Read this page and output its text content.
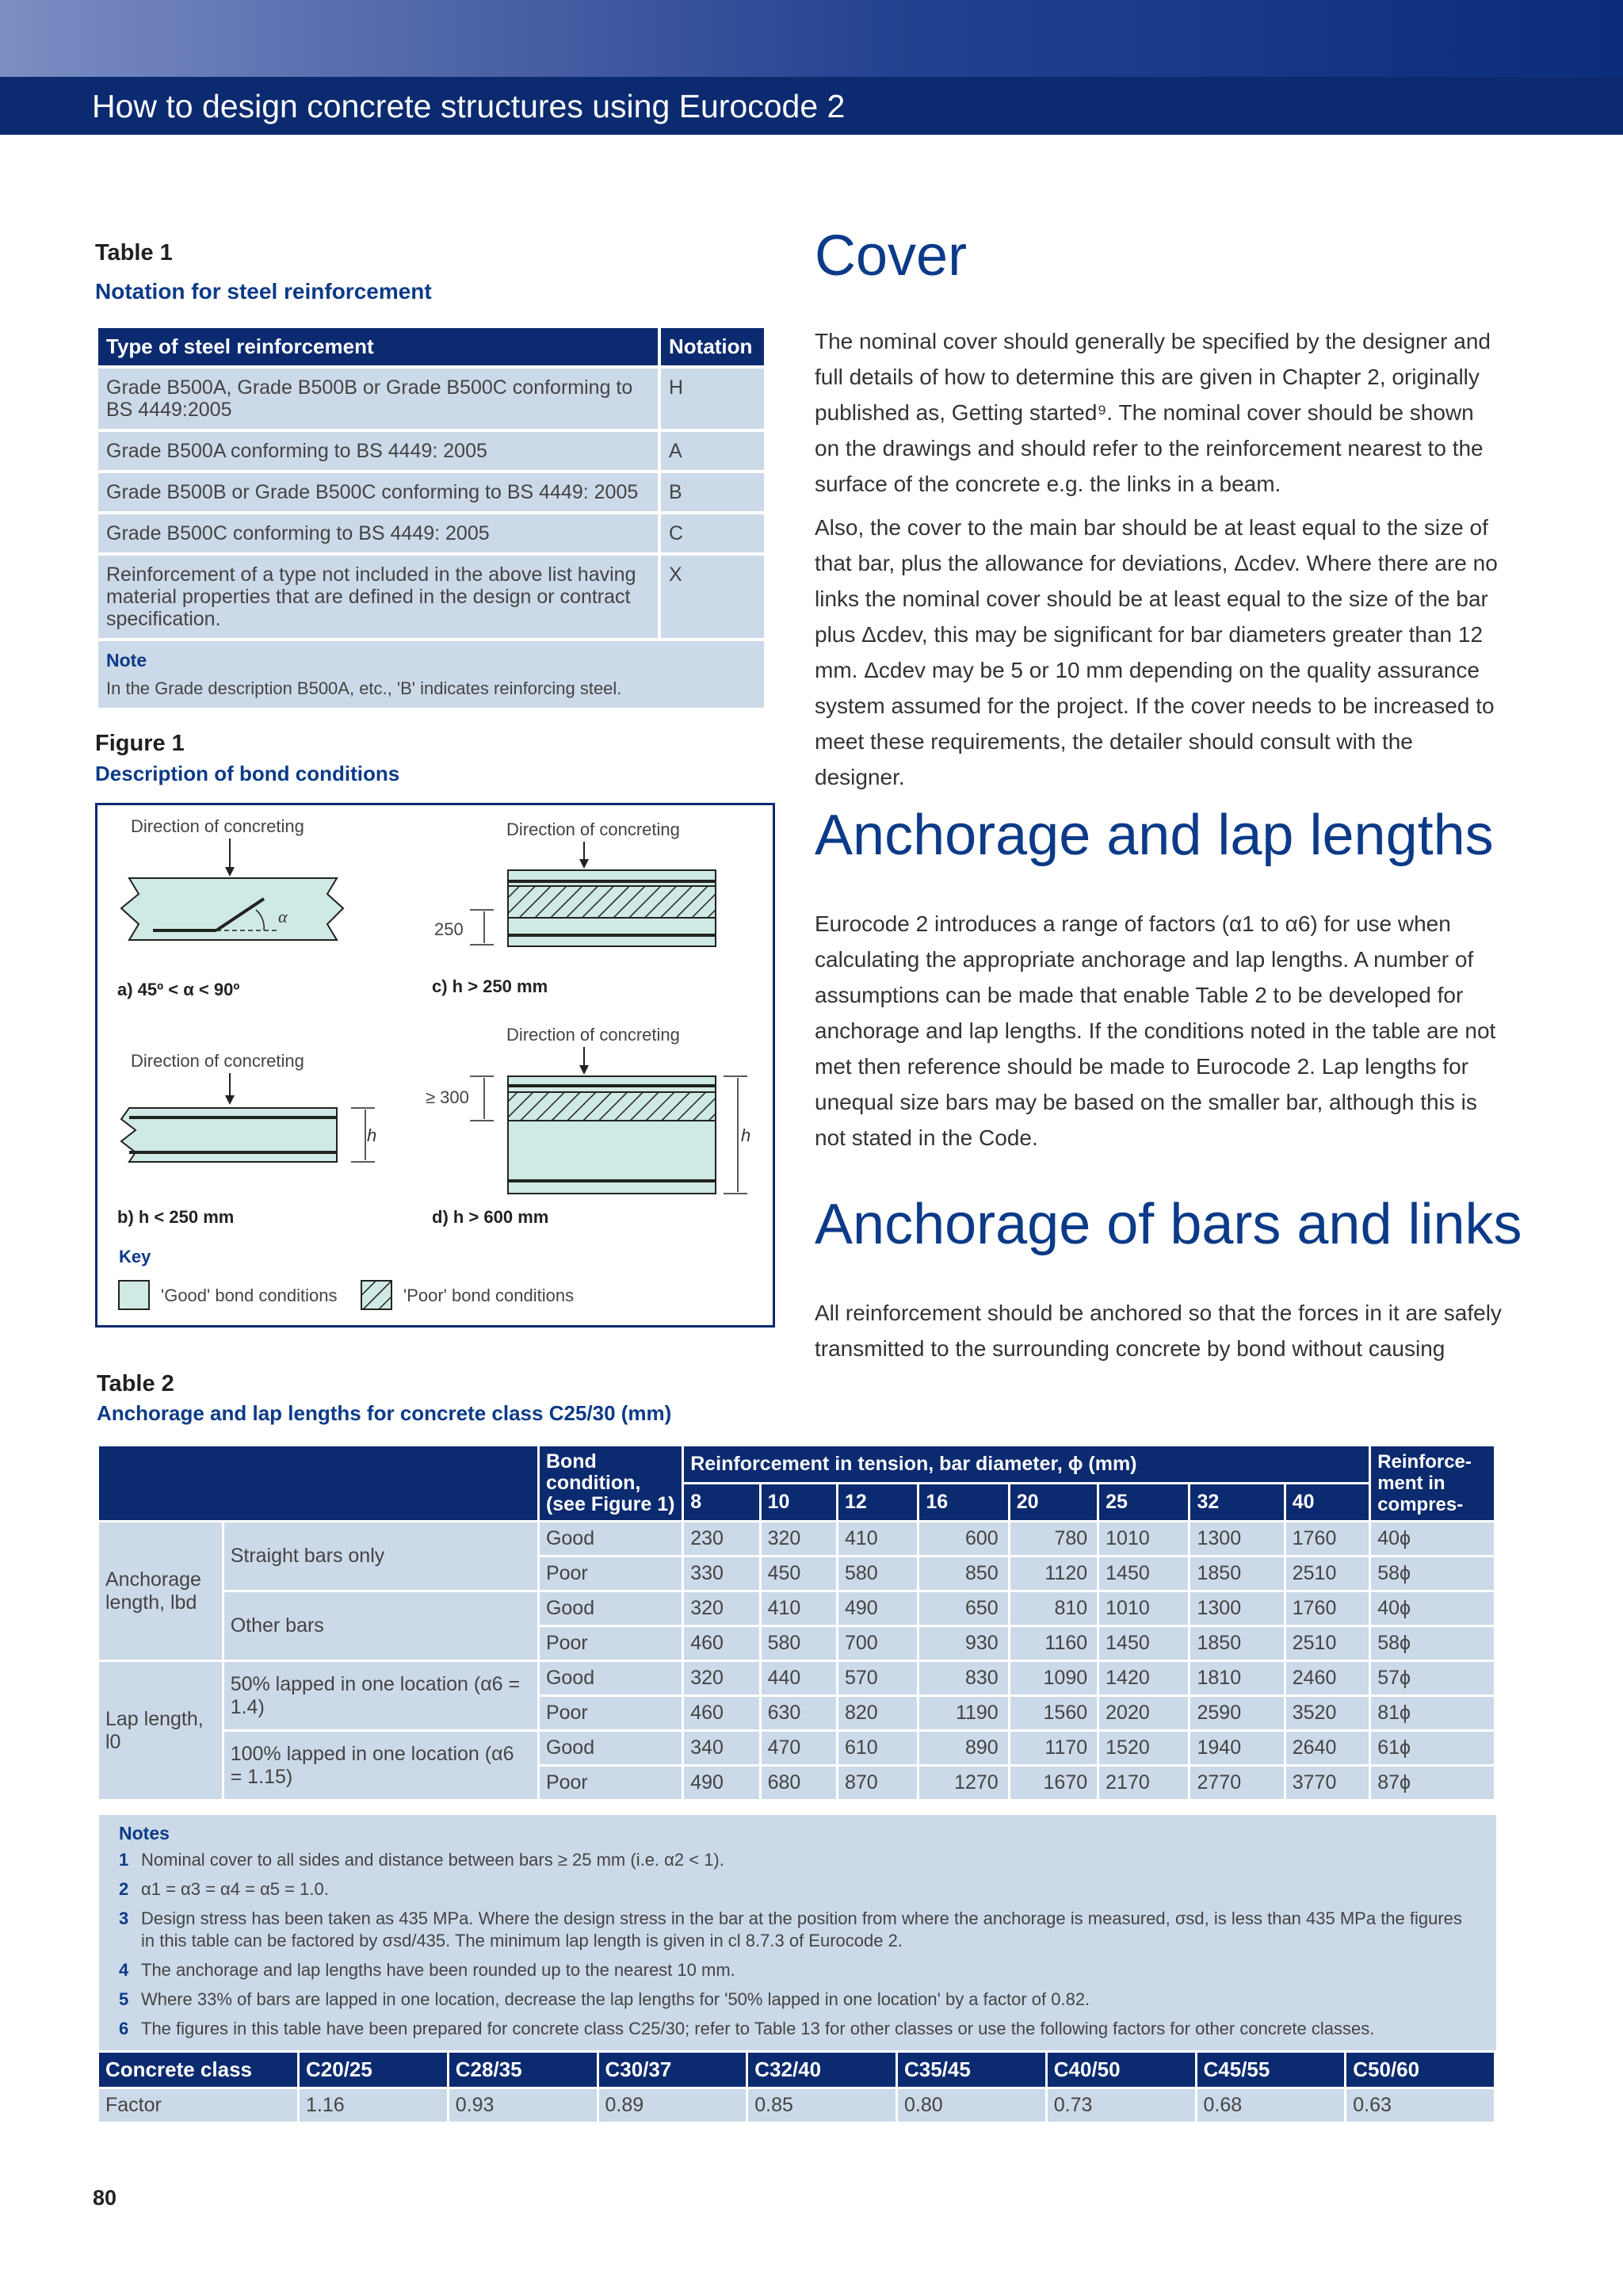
How to design concrete structures using Eurocode 2
Table 1
Notation for steel reinforcement
Type of steel reinforcement	Notation
Grade B500A, Grade B500B or Grade B500C conforming to BS 4449:2005	H
Grade B500A conforming to BS 4449: 2005	A
Grade B500B or Grade B500C conforming to BS 4449: 2005	B
Grade B500C conforming to BS 4449: 2005	C
Reinforcement of a type not included in the above list having material properties that are defined in the design or contract specification.	X

Note
In the Grade description B500A, etc., 'B' indicates reinforcing steel.	
Figure 1
Description of bond conditions
Direction of concreting
α
a) 45º < α < 90º
Direction of concreting
250
c) h > 250 mm
Direction of concreting
h
b) h < 250 mm
Direction of concreting
≥ 300
h
d) h > 600 mm
Key
'Good' bond conditions	'Poor' bond conditions
Cover

The nominal cover should generally be specified by the designer and full details of how to determine this are given in Chapter 2, originally published as, Getting started⁹. The nominal cover should be shown on the drawings and should refer to the reinforcement nearest to the surface of the concrete e.g. the links in a beam.

Also, the cover to the main bar should be at least equal to the size of that bar, plus the allowance for deviations, Δcdev. Where there are no links the nominal cover should be at least equal to the size of the bar plus Δcdev, this may be significant for bar diameters greater than 12 mm. Δcdev may be 5 or 10 mm depending on the quality assurance system assumed for the project. If the cover needs to be increased to meet these requirements, the detailer should consult with the designer.

Anchorage and lap lengths

Eurocode 2 introduces a range of factors (α1 to α6) for use when calculating the appropriate anchorage and lap lengths. A number of assumptions can be made that enable Table 2 to be developed for anchorage and lap lengths. If the conditions noted in the table are not met then reference should be made to Eurocode 2. Lap lengths for unequal size bars may be based on the smaller bar, although this is not stated in the Code.

Anchorage of bars and links

All reinforcement should be anchored so that the forces in it are safely transmitted to the surrounding concrete by bond without causing

Table 2
Anchorage and lap lengths for concrete class C25/30 (mm)
		Bond condition, (see Figure 1)	Reinforcement in tension, bar diameter, ϕ (mm)								Reinforce-ment in compres-
			8	10	12	16	20	25	32	40	
Anchorage length, lbd	Straight bars only	Good	230	320	410	600	780	1010	1300	1760	40ϕ
		Poor	330	450	580	850	1120	1450	1850	2510	58ϕ
	Other bars	Good	320	410	490	650	810	1010	1300	1760	40ϕ
		Poor	460	580	700	930	1160	1450	1850	2510	58ϕ
Lap length, l0	50% lapped in one location (α6 = 1.4)	Good	320	440	570	830	1090	1420	1810	2460	57ϕ
		Poor	460	630	820	1190	1560	2020	2590	3520	81ϕ
	100% lapped in one location (α6 = 1.15)	Good	340	470	610	890	1170	1520	1940	2640	61ϕ
		Poor	490	680	870	1270	1670	2170	2770	3770	87ϕ
Notes
1 Nominal cover to all sides and distance between bars ≥ 25 mm (i.e. α2 < 1).
2 α1 = α3 = α4 = α5 = 1.0.
3 Design stress has been taken as 435 MPa. Where the design stress in the bar at the position from where the anchorage is measured, σsd, is less than 435 MPa the figures in this table can be factored by σsd/435. The minimum lap length is given in cl 8.7.3 of Eurocode 2.
4 The anchorage and lap lengths have been rounded up to the nearest 10 mm.
5 Where 33% of bars are lapped in one location, decrease the lap lengths for '50% lapped in one location' by a factor of 0.82.
6 The figures in this table have been prepared for concrete class C25/30; refer to Table 13 for other classes or use the following factors for other concrete classes.
Concrete class	C20/25	C28/35	C30/37	C32/40	C35/45	C40/50	C45/55	C50/60
Factor	1.16	0.93	0.89	0.85	0.80	0.73	0.68	0.63
80
